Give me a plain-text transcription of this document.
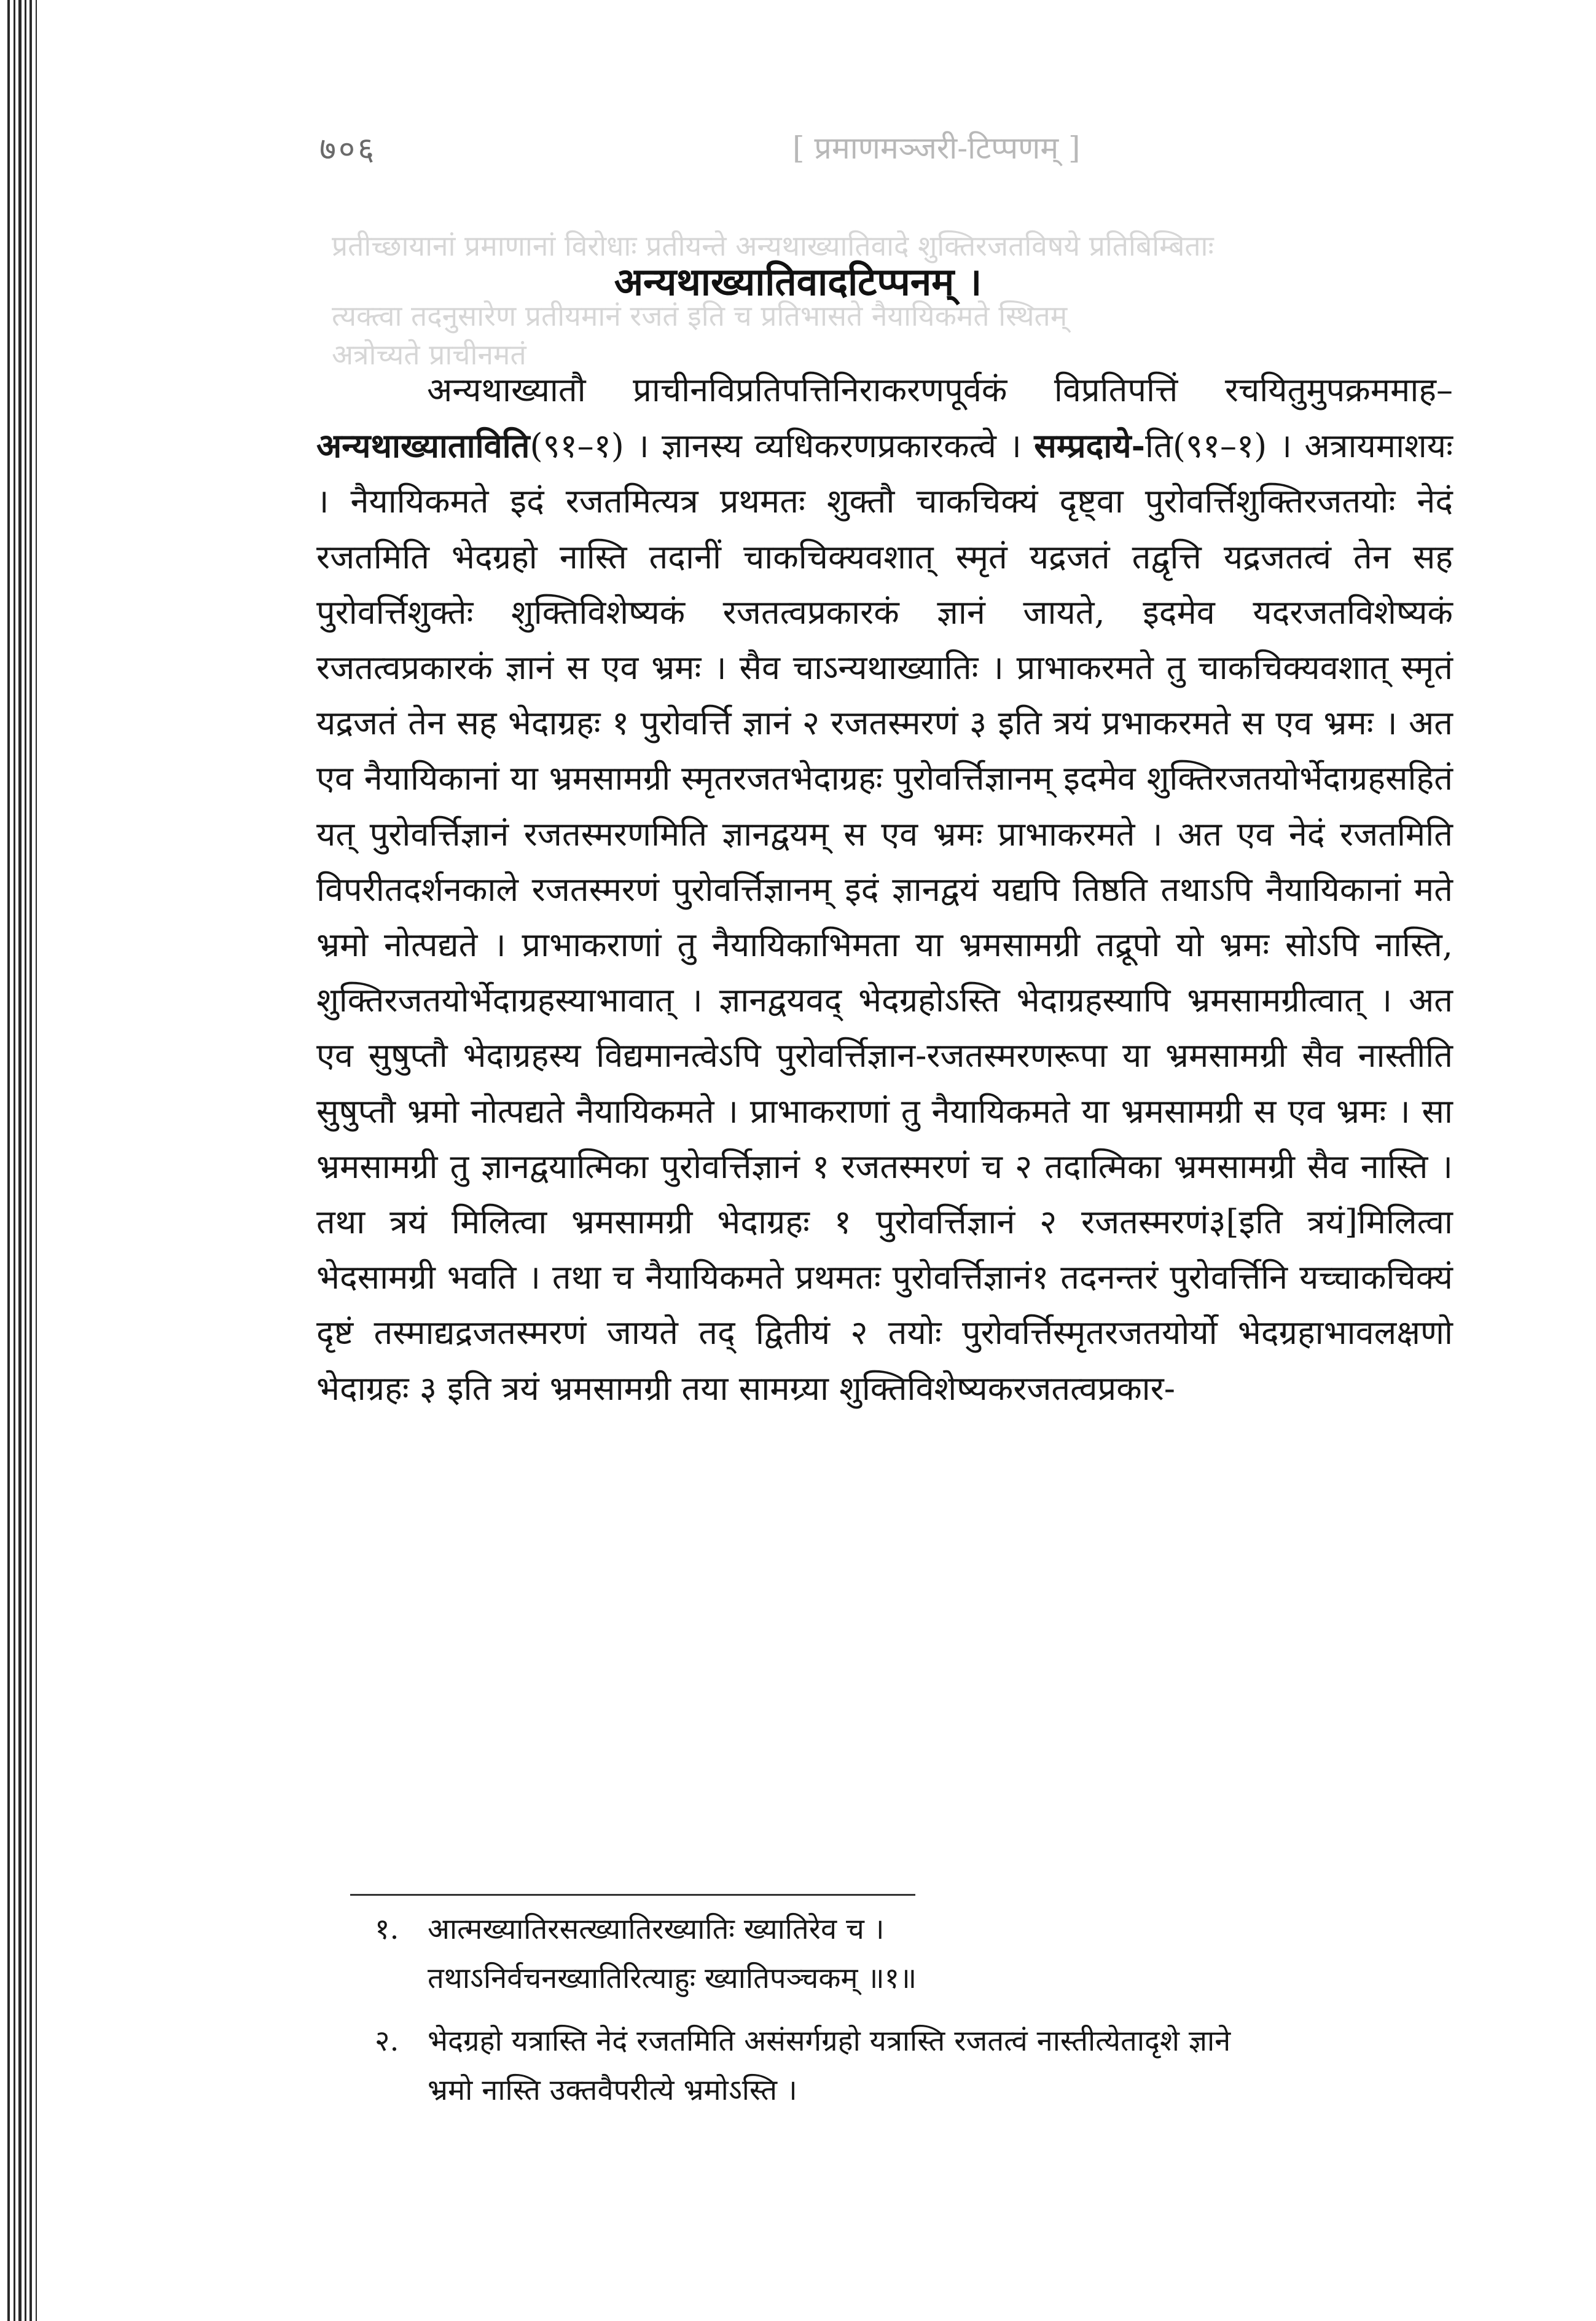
७०६	[ प्रमाणमञ्जरी-टिप्पणम् ]
प्रतीच्छायानां प्रमाणानां विरोधाः प्रतीयन्ते अन्यथाख्यातिवादे शुक्तिरजतविषये प्रतिबिम्बिताः
त्यक्त्वा तदनुसारेण प्रतीयमानं रजतं इति च प्रतिभासते नैयायिकमते स्थितम्
अत्रोच्यते प्राचीनमतं
अन्यथाख्यातिवादटिप्पनम् ।

अन्यथाख्यातौ प्राचीनविप्रतिपत्तिनिराकरणपूर्वकं विप्रतिपत्तिं रचयितुमुपक्रममाह–अन्यथाख्याताविति(९१–१) । ज्ञानस्य व्यधिकरणप्रकारकत्वे । सम्प्रदाये-ति(९१–१) । अत्रायमाशयः । नैयायिकमते इदं रजतमित्यत्र प्रथमतः शुक्तौ चाकचिक्यं दृष्ट्वा पुरोवर्त्तिशुक्तिरजतयोः नेदं रजतमिति भेदग्रहो नास्ति तदानीं चाकचिक्यवशात् स्मृतं यद्रजतं तद्वृत्ति यद्रजतत्वं तेन सह पुरोवर्त्तिशुक्तेः शुक्तिविशेष्यकं रजतत्वप्रकारकं ज्ञानं जायते, इदमेव यदरजतविशेष्यकं रजतत्वप्रकारकं ज्ञानं स एव भ्रमः । सैव चाऽन्यथाख्यातिः । प्राभाकरमते तु चाकचिक्यवशात् स्मृतं यद्रजतं तेन सह भेदाग्रहः १ पुरोवर्त्ति ज्ञानं २ रजतस्मरणं ३ इति त्रयं प्रभाकरमते स एव भ्रमः । अत एव नैयायिकानां या भ्रमसामग्री स्मृतरजतभेदाग्रहः पुरोवर्त्तिज्ञानम् इदमेव शुक्तिरजतयोर्भेदाग्रहसहितं यत् पुरोवर्त्तिज्ञानं रजतस्मरणमिति ज्ञानद्वयम् स एव भ्रमः प्राभाकरमते । अत एव नेदं रजतमिति विपरीतदर्शनकाले रजतस्मरणं पुरोवर्त्तिज्ञानम् इदं ज्ञानद्वयं यद्यपि तिष्ठति तथाऽपि नैयायिकानां मते भ्रमो नोत्पद्यते । प्राभाकराणां तु नैयायिकाभिमता या भ्रमसामग्री तद्रूपो यो भ्रमः सोऽपि नास्ति, शुक्तिरजतयोर्भेदाग्रहस्याभावात् । ज्ञानद्वयवद् भेदग्रहोऽस्ति भेदाग्रहस्यापि भ्रमसामग्रीत्वात् । अत एव सुषुप्तौ भेदाग्रहस्य विद्यमानत्वेऽपि पुरोवर्त्तिज्ञान-रजतस्मरणरूपा या भ्रमसामग्री सैव नास्तीति सुषुप्तौ भ्रमो नोत्पद्यते नैयायिकमते । प्राभाकराणां तु नैयायिकमते या भ्रमसामग्री स एव भ्रमः । सा भ्रमसामग्री तु ज्ञानद्वयात्मिका पुरोवर्त्तिज्ञानं १ रजतस्मरणं च २ तदात्मिका भ्रमसामग्री सैव नास्ति । तथा त्रयं मिलित्वा भ्रमसामग्री भेदाग्रहः १ पुरोवर्त्तिज्ञानं २ रजतस्मरणं३[इति त्रयं]मिलित्वा भेदसामग्री भवति । तथा च नैयायिकमते प्रथमतः पुरोवर्त्तिज्ञानं१ तदनन्तरं पुरोवर्त्तिनि यच्चाकचिक्यं दृष्टं तस्माद्यद्रजतस्मरणं जायते तद् द्वितीयं २ तयोः पुरोवर्त्तिस्मृतरजतयोर्यो भेदग्रहाभावलक्षणो भेदाग्रहः ३ इति त्रयं भ्रमसामग्री तया सामग्र्या शुक्तिविशेष्यकरजतत्वप्रकार-

१. आत्मख्यातिरसत्ख्यातिरख्यातिः ख्यातिरेव च ।
तथाऽनिर्वचनख्यातिरित्याहुः ख्यातिपञ्चकम् ॥१॥
२. भेदग्रहो यत्रास्ति नेदं रजतमिति असंसर्गग्रहो यत्रास्ति रजतत्वं नास्तीत्येतादृशे ज्ञाने
भ्रमो नास्ति उक्तवैपरीत्ये भ्रमोऽस्ति ।
